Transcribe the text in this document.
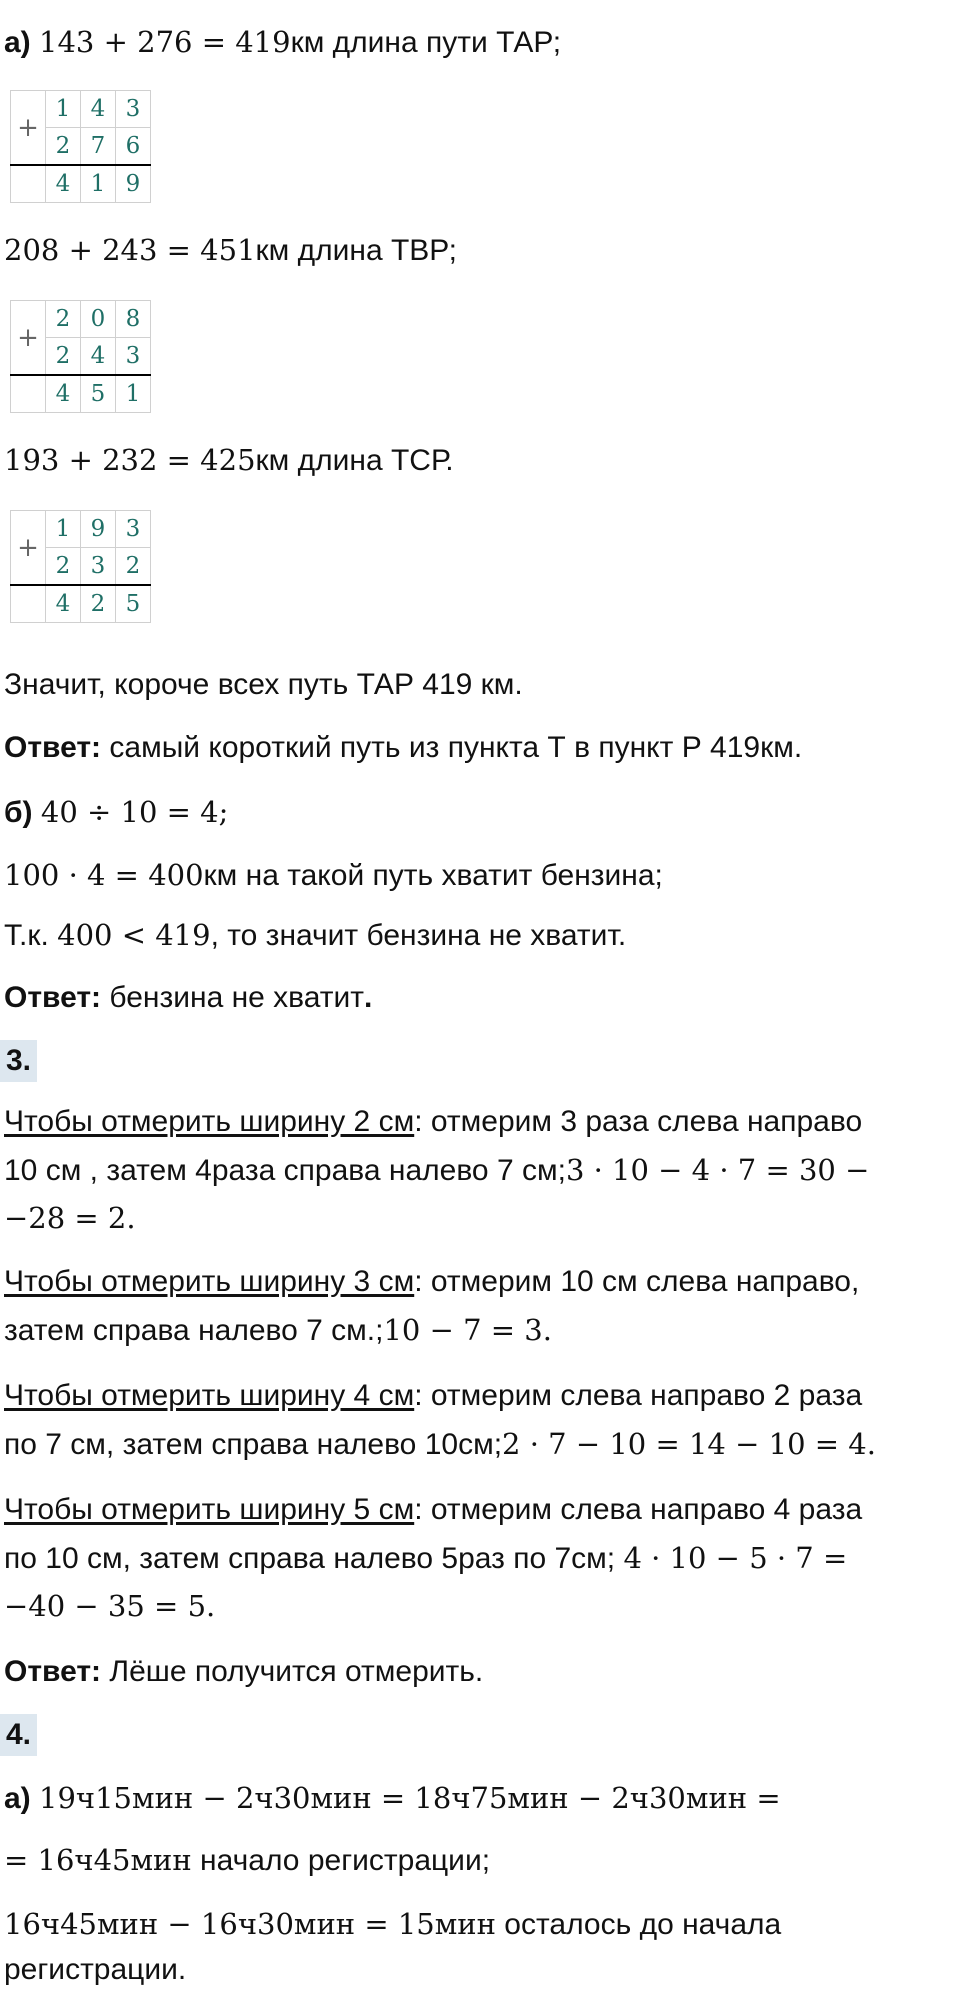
а) 143 + 276 = 419км длина пути ТАР;
+	1	4	3
	2	7	6
	4	1	9
208 + 243 = 451км длина ТВР;
+	2	0	8
	2	4	3
	4	5	1
193 + 232 = 425км длина ТСР.
+	1	9	3
	2	3	2
	4	2	5
Значит, короче всех путь ТАР 419 км.
Ответ: самый короткий путь из пункта Т в пункт Р 419км.
б) 40 ÷ 10 = 4;
100 · 4 = 400км на такой путь хватит бензина;
Т.к. 400 < 419, то значит бензина не хватит.
Ответ: бензина не хватит.
3.
Чтобы отмерить ширину 2 см: отмерим 3 раза слева направо
10 см , затем 4раза справа налево 7 см;3 · 10 − 4 · 7 = 30 −
−28 = 2.
Чтобы отмерить ширину 3 см: отмерим 10 см слева направо,
затем справа налево 7 см.;10 − 7 = 3.
Чтобы отмерить ширину 4 см: отмерим слева направо 2 раза
по 7 см, затем справа налево 10см;2 · 7 − 10 = 14 − 10 = 4.
Чтобы отмерить ширину 5 см: отмерим слева направо 4 раза
по 10 см, затем справа налево 5раз по 7см; 4 · 10 − 5 · 7 =
−40 − 35 = 5.
Ответ: Лёше получится отмерить.
4.
а) 19ч15мин − 2ч30мин = 18ч75мин − 2ч30мин =
= 16ч45мин начало регистрации;
16ч45мин − 16ч30мин = 15мин осталось до начала
регистрации.
